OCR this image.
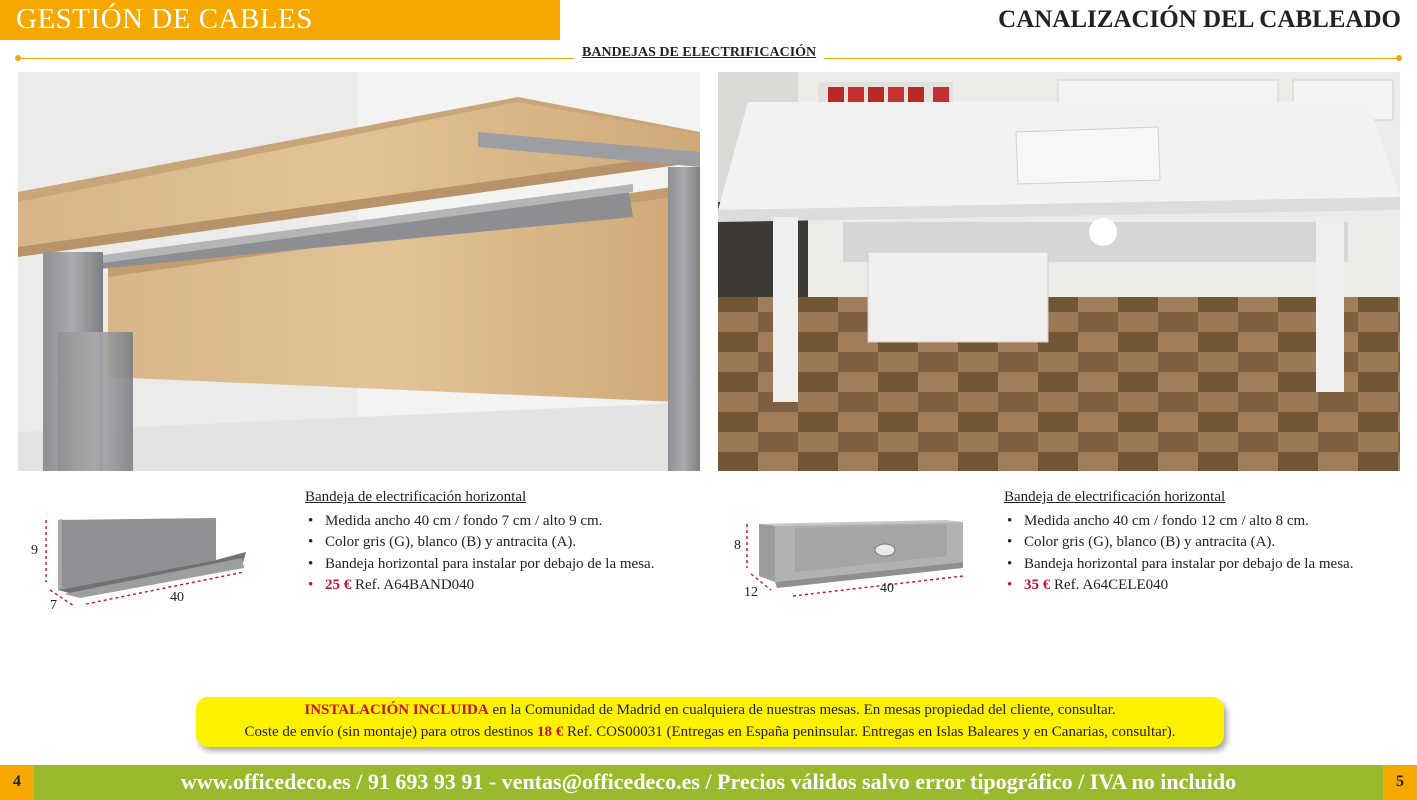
GESTIÓN DE CABLES	CANALIZACIÓN DEL CABLEADO
BANDEJAS DE ELECTRIFICACIÓN
9
7
40
Bandeja de electrificación horizontal
• Medida ancho 40 cm / fondo 7 cm / alto 9 cm.
• Color gris (G), blanco (B) y antracita (A).
• Bandeja horizontal para instalar por debajo de la mesa.
• 25 € Ref. A64BAND040
8
12	40
Bandeja de electrificación horizontal
• Medida ancho 40 cm / fondo 12 cm / alto 8 cm.
• Color gris (G), blanco (B) y antracita (A).
• Bandeja horizontal para instalar por debajo de la mesa.
• 35 € Ref. A64CELE040
INSTALACIÓN INCLUIDA en la Comunidad de Madrid en cualquiera de nuestras mesas. En mesas propiedad del cliente, consultar.
Coste de envío (sin montaje) para otros destinos 18 € Ref. COS00031 (Entregas en España peninsular. Entregas en Islas Baleares y en Canarias, consultar).
4	www.officedeco.es / 91 693 93 91 - ventas@officedeco.es / Precios válidos salvo error tipográfico / IVA no incluido	5
